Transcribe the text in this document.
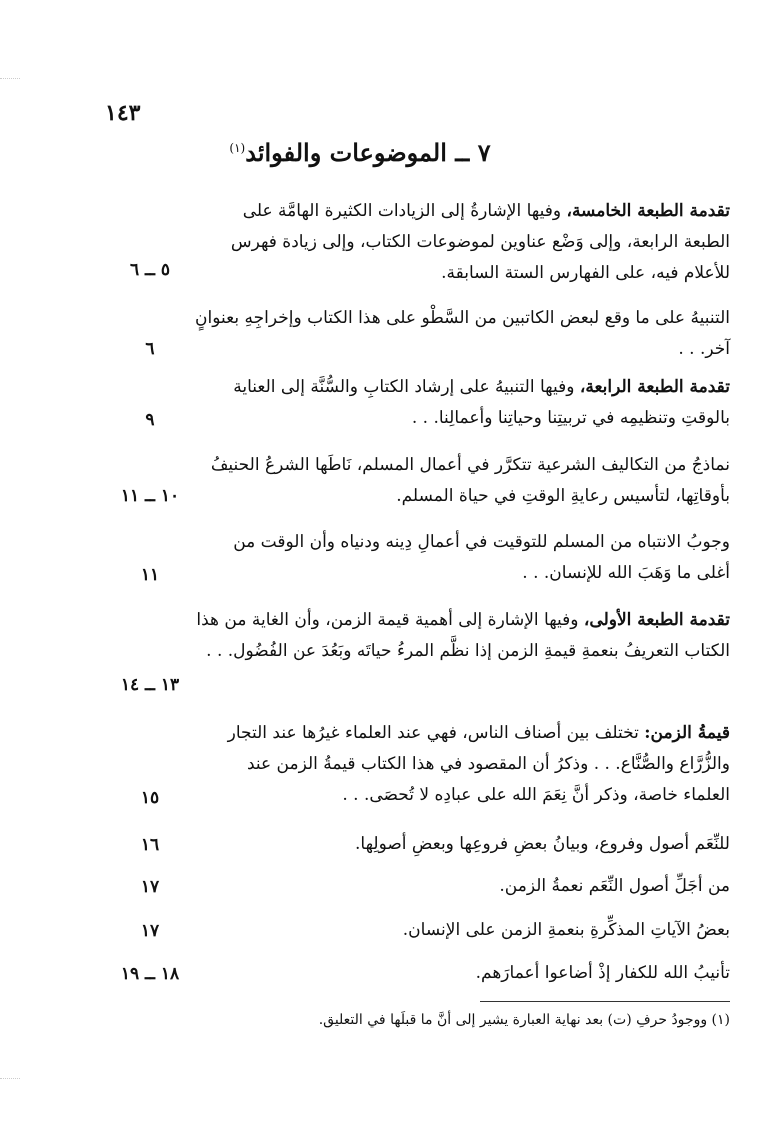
١٤٣
٧ ــ الموضوعات والفوائد$^{(١)}$
تقدمة الطبعة الخامسة، وفيها الإشارةُ إلى الزيادات الكثيرة الهامَّة على الطبعة الرابعة، وإلى وَضْع عناوين لموضوعات الكتاب، وإلى زيادة فهرس للأعلام فيه، على الفهارس الستة السابقة.
٥ ــ ٦
التنبيهُ على ما وقع لبعض الكاتبين من السَّطْو على هذا الكتاب وإخراجِهِ بعنوانٍ آخر. . .
٦
تقدمة الطبعة الرابعة، وفيها التنبيهُ على إرشاد الكتابِ والسُّنَّة إلى العناية بالوقتِ وتنظيمِه في تربيتِنا وحياتِنا وأعمالِنا. . .
٩
نماذجُ من التكاليف الشرعية تتكرَّر في أعمال المسلم، نَاطَها الشرعُ الحنيفُ بأوقاتِها، لتأسيس رعايةِ الوقتِ في حياة المسلم.
١٠ ــ ١١
وجوبُ الانتباه من المسلم للتوقيت في أعمالِ دِينه ودنياه وأن الوقت من أغلى ما وَهَبَ الله للإنسان. . .
١١
تقدمة الطبعة الأولى، وفيها الإشارة إلى أهمية قيمة الزمن، وأن الغاية من هذا الكتاب التعريفُ بنعمةِ قيمةِ الزمن إذا نظَّم المرءُ حياتَه وبَعُدَ عن الفُضُول. . .
١٣ ــ ١٤
قيمةُ الزمن: تختلف بين أصناف الناس، فهي عند العلماء غيرُها عند التجار والزُّرَّاع والصُّنَّاع. . . وذكرُ أن المقصود في هذا الكتاب قيمةُ الزمن عند العلماء خاصة، وذكر أنَّ نِعَمَ الله على عبادِه لا تُحصَى. . .
١٥
للنِّعَم أصول وفروع، وبيانُ بعضِ فروعِها وبعضِ أصولِها.
١٦
من أجَلِّ أصول النِّعَم نعمةُ الزمن.
١٧
بعضُ الآياتِ المذكِّرةِ بنعمةِ الزمن على الإنسان.
١٧
تأنيبُ الله للكفار إذْ أضاعوا أعمارَهم.
١٨ ــ ١٩
(١) ووجودُ حرفِ (ت) بعد نهاية العبارة يشير إلى أنَّ ما قبلَها في التعليق.
